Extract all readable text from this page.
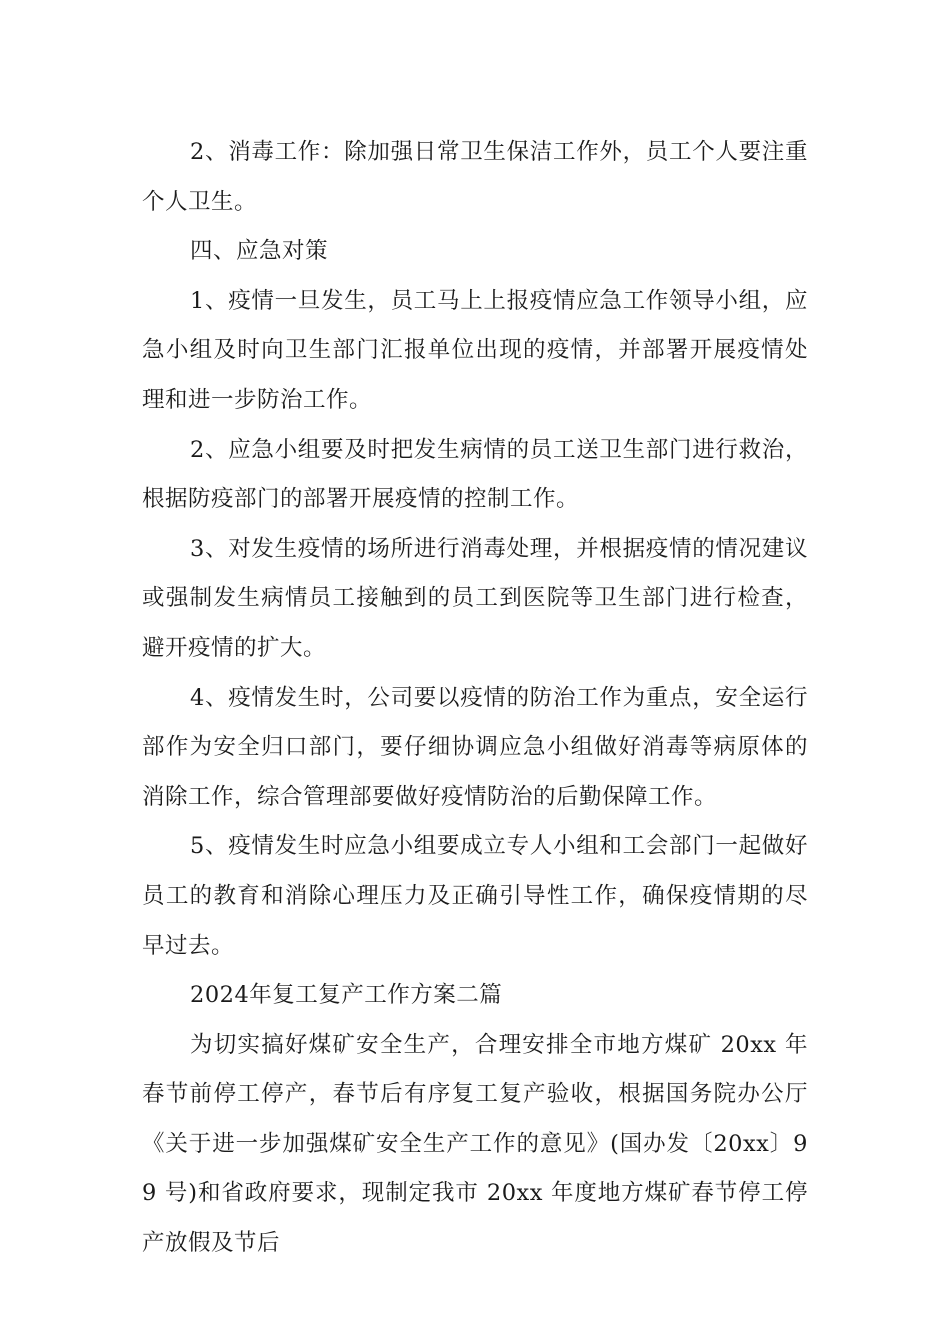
2、消毒工作：除加强日常卫生保洁工作外，员工个人要注重个人卫生。

四、应急对策

1、疫情一旦发生，员工马上上报疫情应急工作领导小组，应急小组及时向卫生部门汇报单位出现的疫情，并部署开展疫情处理和进一步防治工作。

2、应急小组要及时把发生病情的员工送卫生部门进行救治，根据防疫部门的部署开展疫情的控制工作。

3、对发生疫情的场所进行消毒处理，并根据疫情的情况建议或强制发生病情员工接触到的员工到医院等卫生部门进行检查，避开疫情的扩大。

4、疫情发生时，公司要以疫情的防治工作为重点，安全运行部作为安全归口部门，要仔细协调应急小组做好消毒等病原体的消除工作，综合管理部要做好疫情防治的后勤保障工作。

5、疫情发生时应急小组要成立专人小组和工会部门一起做好员工的教育和消除心理压力及正确引导性工作，确保疫情期的尽早过去。

2024年复工复产工作方案二篇

为切实搞好煤矿安全生产，合理安排全市地方煤矿 20xx 年春节前停工停产，春节后有序复工复产验收，根据国务院办公厅《关于进一步加强煤矿安全生产工作的意见》(国办发〔20xx〕99 号)和省政府要求，现制定我市 20xx 年度地方煤矿春节停工停产放假及节后
